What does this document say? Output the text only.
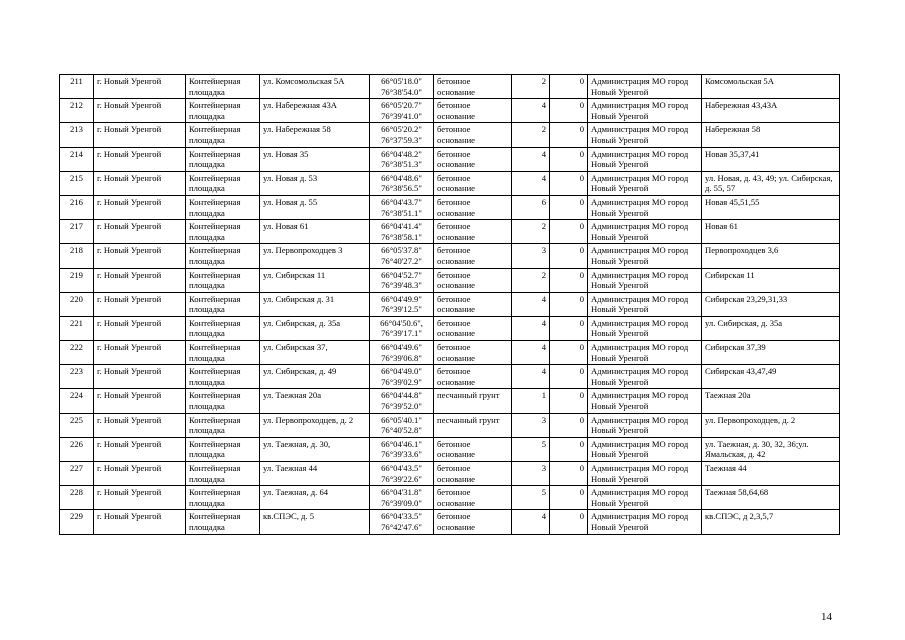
211	г. Новый Уренгой	Контейнерная площадка	ул. Комсомольская 5А	66°05'18.0" 76°38'54.0"	бетонное основание	2	0	Администрация МО город Новый Уренгой	Комсомольская 5А
212	г. Новый Уренгой	Контейнерная площадка	ул. Набережная 43А	66°05'20.7" 76°39'41.0"	бетонное основание	4	0	Администрация МО город Новый Уренгой	Набережная 43,43А
213	г. Новый Уренгой	Контейнерная площадка	ул. Набережная 58	66°05'20.2" 76°37'59.3"	бетонное основание	2	0	Администрация МО город Новый Уренгой	Набережная 58
214	г. Новый Уренгой	Контейнерная площадка	ул. Новая 35	66°04'48.2" 76°38'51.3"	бетонное основание	4	0	Администрация МО город Новый Уренгой	Новая 35,37,41
215	г. Новый Уренгой	Контейнерная площадка	ул. Новая д. 53	66°04'48.6" 76°38'56.5"	бетонное основание	4	0	Администрация МО город Новый Уренгой	ул. Новая, д. 43, 49; ул. Сибирская, д. 55, 57
216	г. Новый Уренгой	Контейнерная площадка	ул. Новая д. 55	66°04'43.7" 76°38'51.1"	бетонное основание	6	0	Администрация МО город Новый Уренгой	Новая 45,51,55
217	г. Новый Уренгой	Контейнерная площадка	ул. Новая 61	66°04'41.4" 76°38'58.1"	бетонное основание	2	0	Администрация МО город Новый Уренгой	Новая 61
218	г. Новый Уренгой	Контейнерная площадка	ул. Первопроходцев 3	66°05'37.8" 76°40'27.2"	бетонное основание	3	0	Администрация МО город Новый Уренгой	Первопроходцев 3,6
219	г. Новый Уренгой	Контейнерная площадка	ул. Сибирская 11	66°04'52.7" 76°39'48.3"	бетонное основание	2	0	Администрация МО город Новый Уренгой	Сибирская 11
220	г. Новый Уренгой	Контейнерная площадка	ул. Сибирская д. 31	66°04'49.9" 76°39'12.5"	бетонное основание	4	0	Администрация МО город Новый Уренгой	Сибирская 23,29,31,33
221	г. Новый Уренгой	Контейнерная площадка	ул. Сибирская, д. 35а	66°04'50.6", 76°39'17.1"	бетонное основание	4	0	Администрация МО город Новый Уренгой	ул. Сибирская, д. 35а
222	г. Новый Уренгой	Контейнерная площадка	ул. Сибирская 37,	66°04'49.6" 76°39'06.8"	бетонное основание	4	0	Администрация МО город Новый Уренгой	Сибирская 37,39
223	г. Новый Уренгой	Контейнерная площадка	ул. Сибирская, д. 49	66°04'49.0" 76°39'02.9"	бетонное основание	4	0	Администрация МО город Новый Уренгой	Сибирская 43,47,49
224	г. Новый Уренгой	Контейнерная площадка	ул. Таежная 20а	66°04'44.8" 76°39'52.0"	песчанный грунт	1	0	Администрация МО город Новый Уренгой	Таежная 20а
225	г. Новый Уренгой	Контейнерная площадка	ул. Первопроходцев, д. 2	66°05'40.1" 76°40'52.8"	песчанный грунт	3	0	Администрация МО город Новый Уренгой	ул. Первопроходцев, д. 2
226	г. Новый Уренгой	Контейнерная площадка	ул. Таежная, д. 30,	66°04'46.1" 76°39'33.6"	бетонное основание	5	0	Администрация МО город Новый Уренгой	ул. Таежная, д. 30, 32, 36;ул. Ямальская, д. 42
227	г. Новый Уренгой	Контейнерная площадка	ул. Таежная 44	66°04'43.5" 76°39'22.6"	бетонное основание	3	0	Администрация МО город Новый Уренгой	Таежная 44
228	г. Новый Уренгой	Контейнерная площадка	ул. Таежная, д. 64	66°04'31.8" 76°39'09.0"	бетонное основание	5	0	Администрация МО город Новый Уренгой	Таежная 58,64,68
229	г. Новый Уренгой	Контейнерная площадка	кв.СПЭС, д. 5	66°04'33.5" 76°42'47.6"	бетонное основание	4	0	Администрация МО город Новый Уренгой	кв.СПЭС, д 2,3,5,7
14
